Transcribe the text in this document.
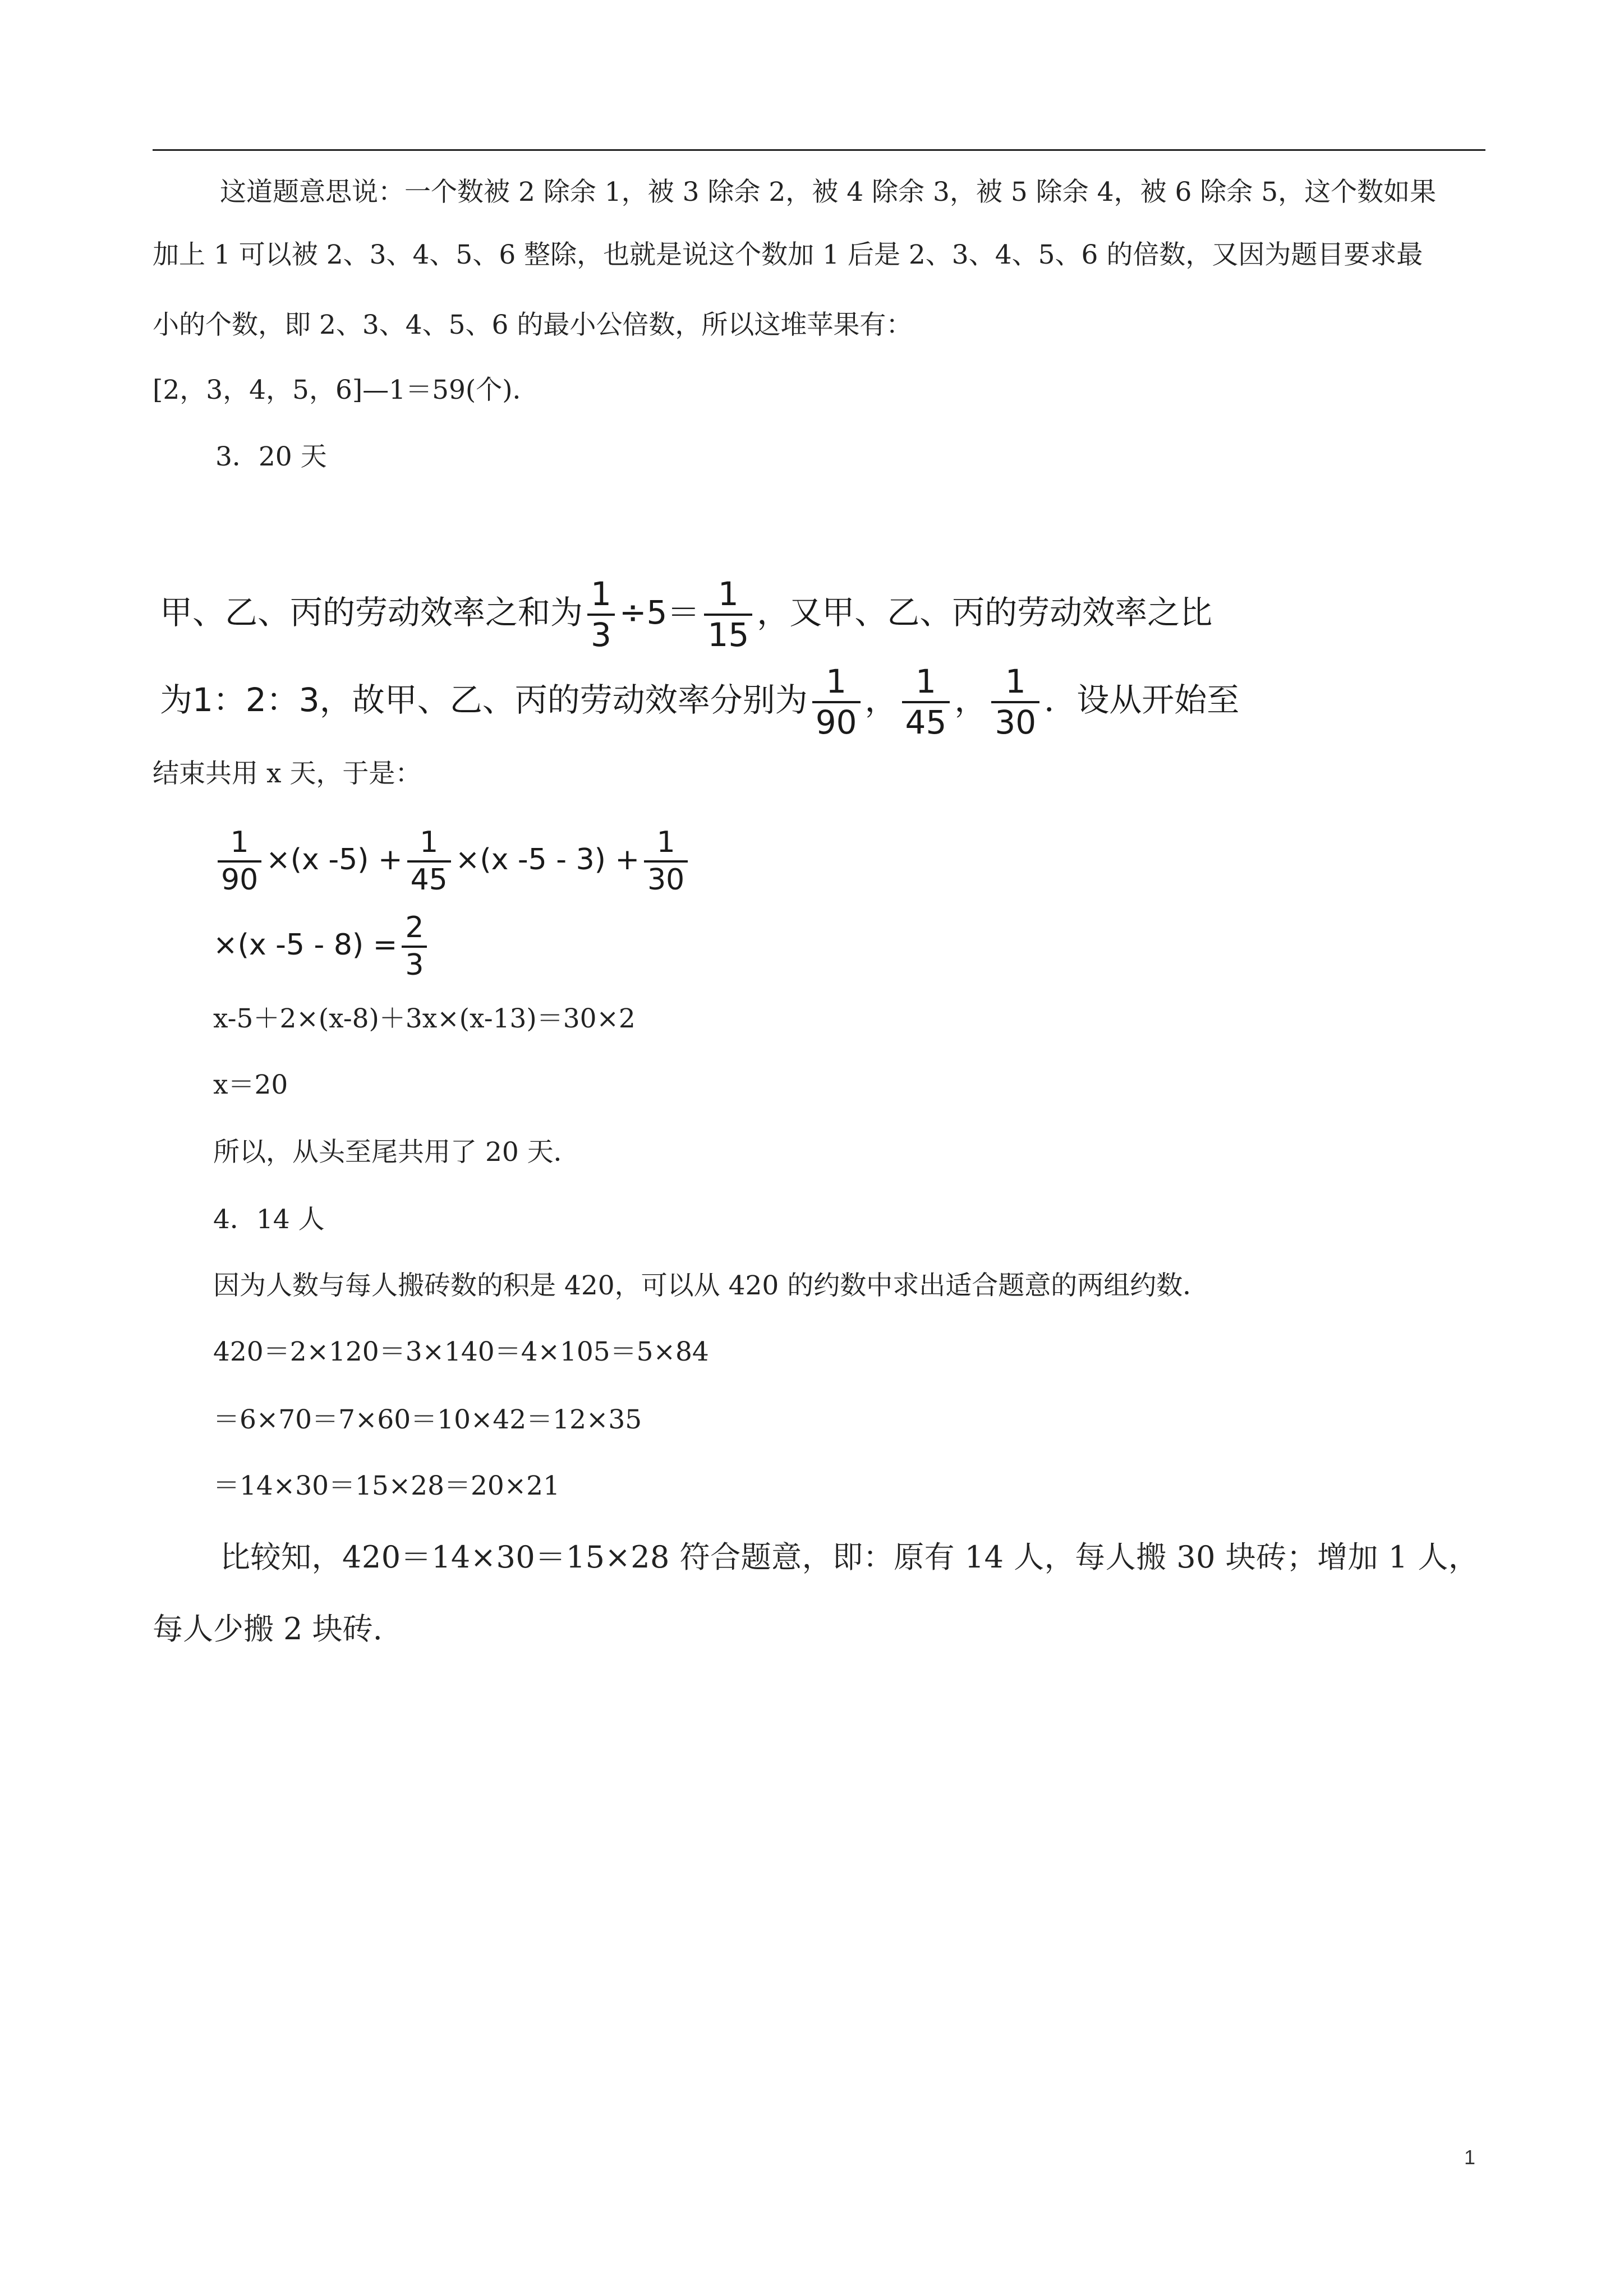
这道题意思说：一个数被 2 除余 1，被 3 除余 2，被 4 除余 3，被 5 除余 4，被 6 除余 5，这个数如果
加上 1 可以被 2、3、4、5、6 整除，也就是说这个数加 1 后是 2、3、4、5、6 的倍数，又因为题目要求最
小的个数，即 2、3、4、5、6 的最小公倍数，所以这堆苹果有：
[2，3，4，5，6]—1＝59(个)．
3．20 天
甲、乙、丙的劳动效率之和为 $\frac{1}{3} \div 5= \frac{1}{15}$ ，又甲、乙、丙的劳动效率之比
为1：2：3，故甲、乙、丙的劳动效率分别为 $\frac{1}{90}$ ， $\frac{1}{45}$ ， $\frac{1}{30}$ ．设从开始至
结束共用 x 天，于是：
$\frac{1}{90} \times(x$ $-5) + \frac{1}{45} \times(x$ $-5 - 3) + \frac{1}{30}$
×(x $-5 - 8) = \frac{2}{3}$
x-5＋2×(x-8)＋3x×(x-13)＝30×2
x＝20
所以，从头至尾共用了 20 天．
4．14 人
因为人数与每人搬砖数的积是 420，可以从 420 的约数中求出适合题意的两组约数．
420＝2×120＝3×140＝4×105＝5×84
＝6×70＝7×60＝10×42＝12×35
＝14×30＝15×28＝20×21
比较知，420＝14×30＝15×28 符合题意，即：原有 14 人，每人搬 30 块砖；增加 1 人，
每人少搬 2 块砖.
1
